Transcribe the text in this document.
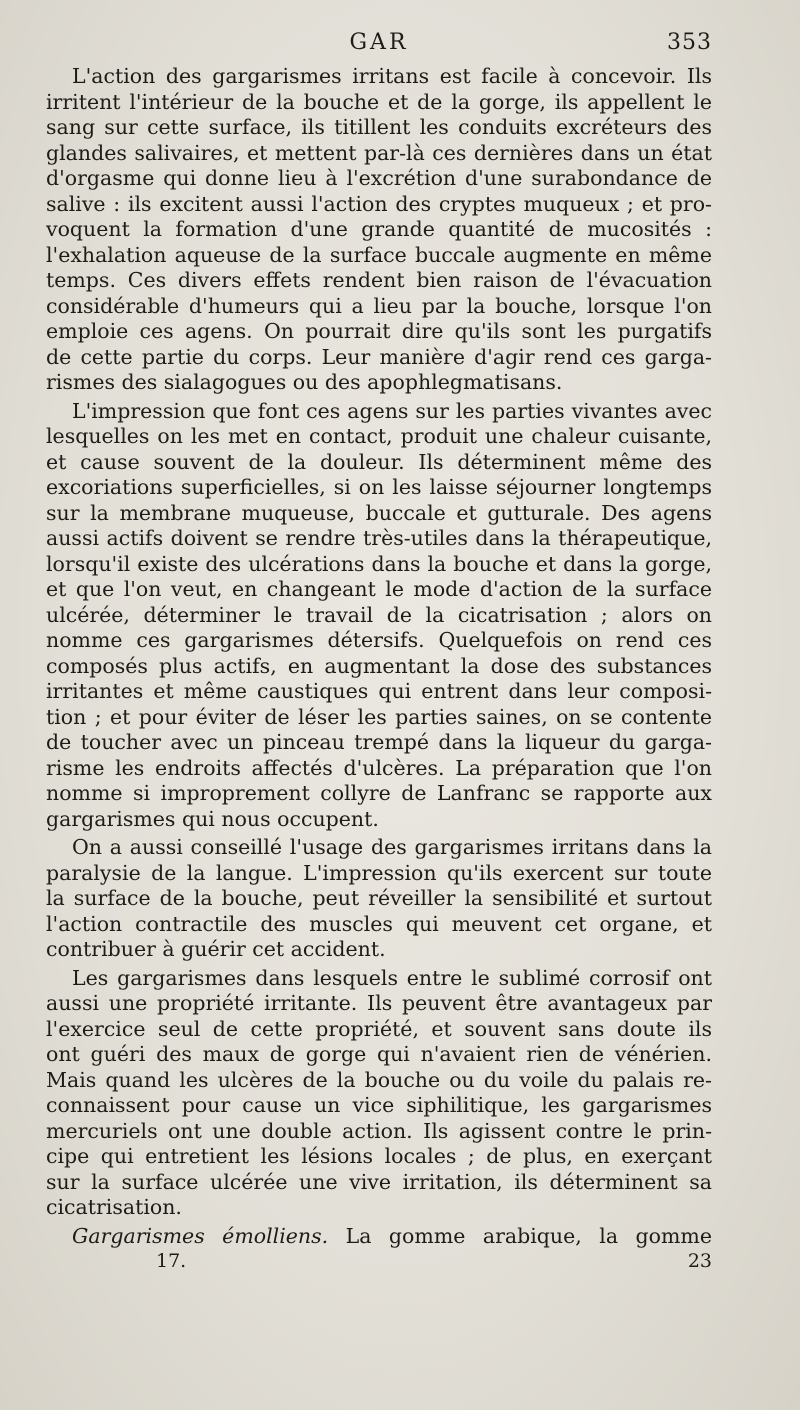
GAR	353
L'action des gargarismes irritans est facile à concevoir. Ils
irritent l'intérieur de la bouche et de la gorge, ils appellent le
sang sur cette surface, ils titillent les conduits excréteurs des
glandes salivaires, et mettent par-là ces dernières dans un état
d'orgasme qui donne lieu à l'excrétion d'une surabondance de
salive : ils excitent aussi l'action des cryptes muqueux ; et pro-
voquent la formation d'une grande quantité de mucosités :
l'exhalation aqueuse de la surface buccale augmente en même
temps. Ces divers effets rendent bien raison de l'évacuation
considérable d'humeurs qui a lieu par la bouche, lorsque l'on
emploie ces agens. On pourrait dire qu'ils sont les purgatifs
de cette partie du corps. Leur manière d'agir rend ces garga-
rismes des sialagogues ou des apophlegmatisans.
L'impression que font ces agens sur les parties vivantes avec
lesquelles on les met en contact, produit une chaleur cuisante,
et cause souvent de la douleur. Ils déterminent même des
excoriations superficielles, si on les laisse séjourner longtemps
sur la membrane muqueuse, buccale et gutturale. Des agens
aussi actifs doivent se rendre très-utiles dans la thérapeutique,
lorsqu'il existe des ulcérations dans la bouche et dans la gorge,
et que l'on veut, en changeant le mode d'action de la surface
ulcérée, déterminer le travail de la cicatrisation ; alors on
nomme ces gargarismes détersifs. Quelquefois on rend ces
composés plus actifs, en augmentant la dose des substances
irritantes et même caustiques qui entrent dans leur composi-
tion ; et pour éviter de léser les parties saines, on se contente
de toucher avec un pinceau trempé dans la liqueur du garga-
risme les endroits affectés d'ulcères. La préparation que l'on
nomme si improprement collyre de Lanfranc se rapporte aux
gargarismes qui nous occupent.
On a aussi conseillé l'usage des gargarismes irritans dans la
paralysie de la langue. L'impression qu'ils exercent sur toute
la surface de la bouche, peut réveiller la sensibilité et surtout
l'action contractile des muscles qui meuvent cet organe, et
contribuer à guérir cet accident.
Les gargarismes dans lesquels entre le sublimé corrosif ont
aussi une propriété irritante. Ils peuvent être avantageux par
l'exercice seul de cette propriété, et souvent sans doute ils
ont guéri des maux de gorge qui n'avaient rien de vénérien.
Mais quand les ulcères de la bouche ou du voile du palais re-
connaissent pour cause un vice siphilitique, les gargarismes
mercuriels ont une double action. Ils agissent contre le prin-
cipe qui entretient les lésions locales ; de plus, en exerçant
sur la surface ulcérée une vive irritation, ils déterminent sa
cicatrisation.
Gargarismes émolliens. La gomme arabique, la gomme
17.	23
